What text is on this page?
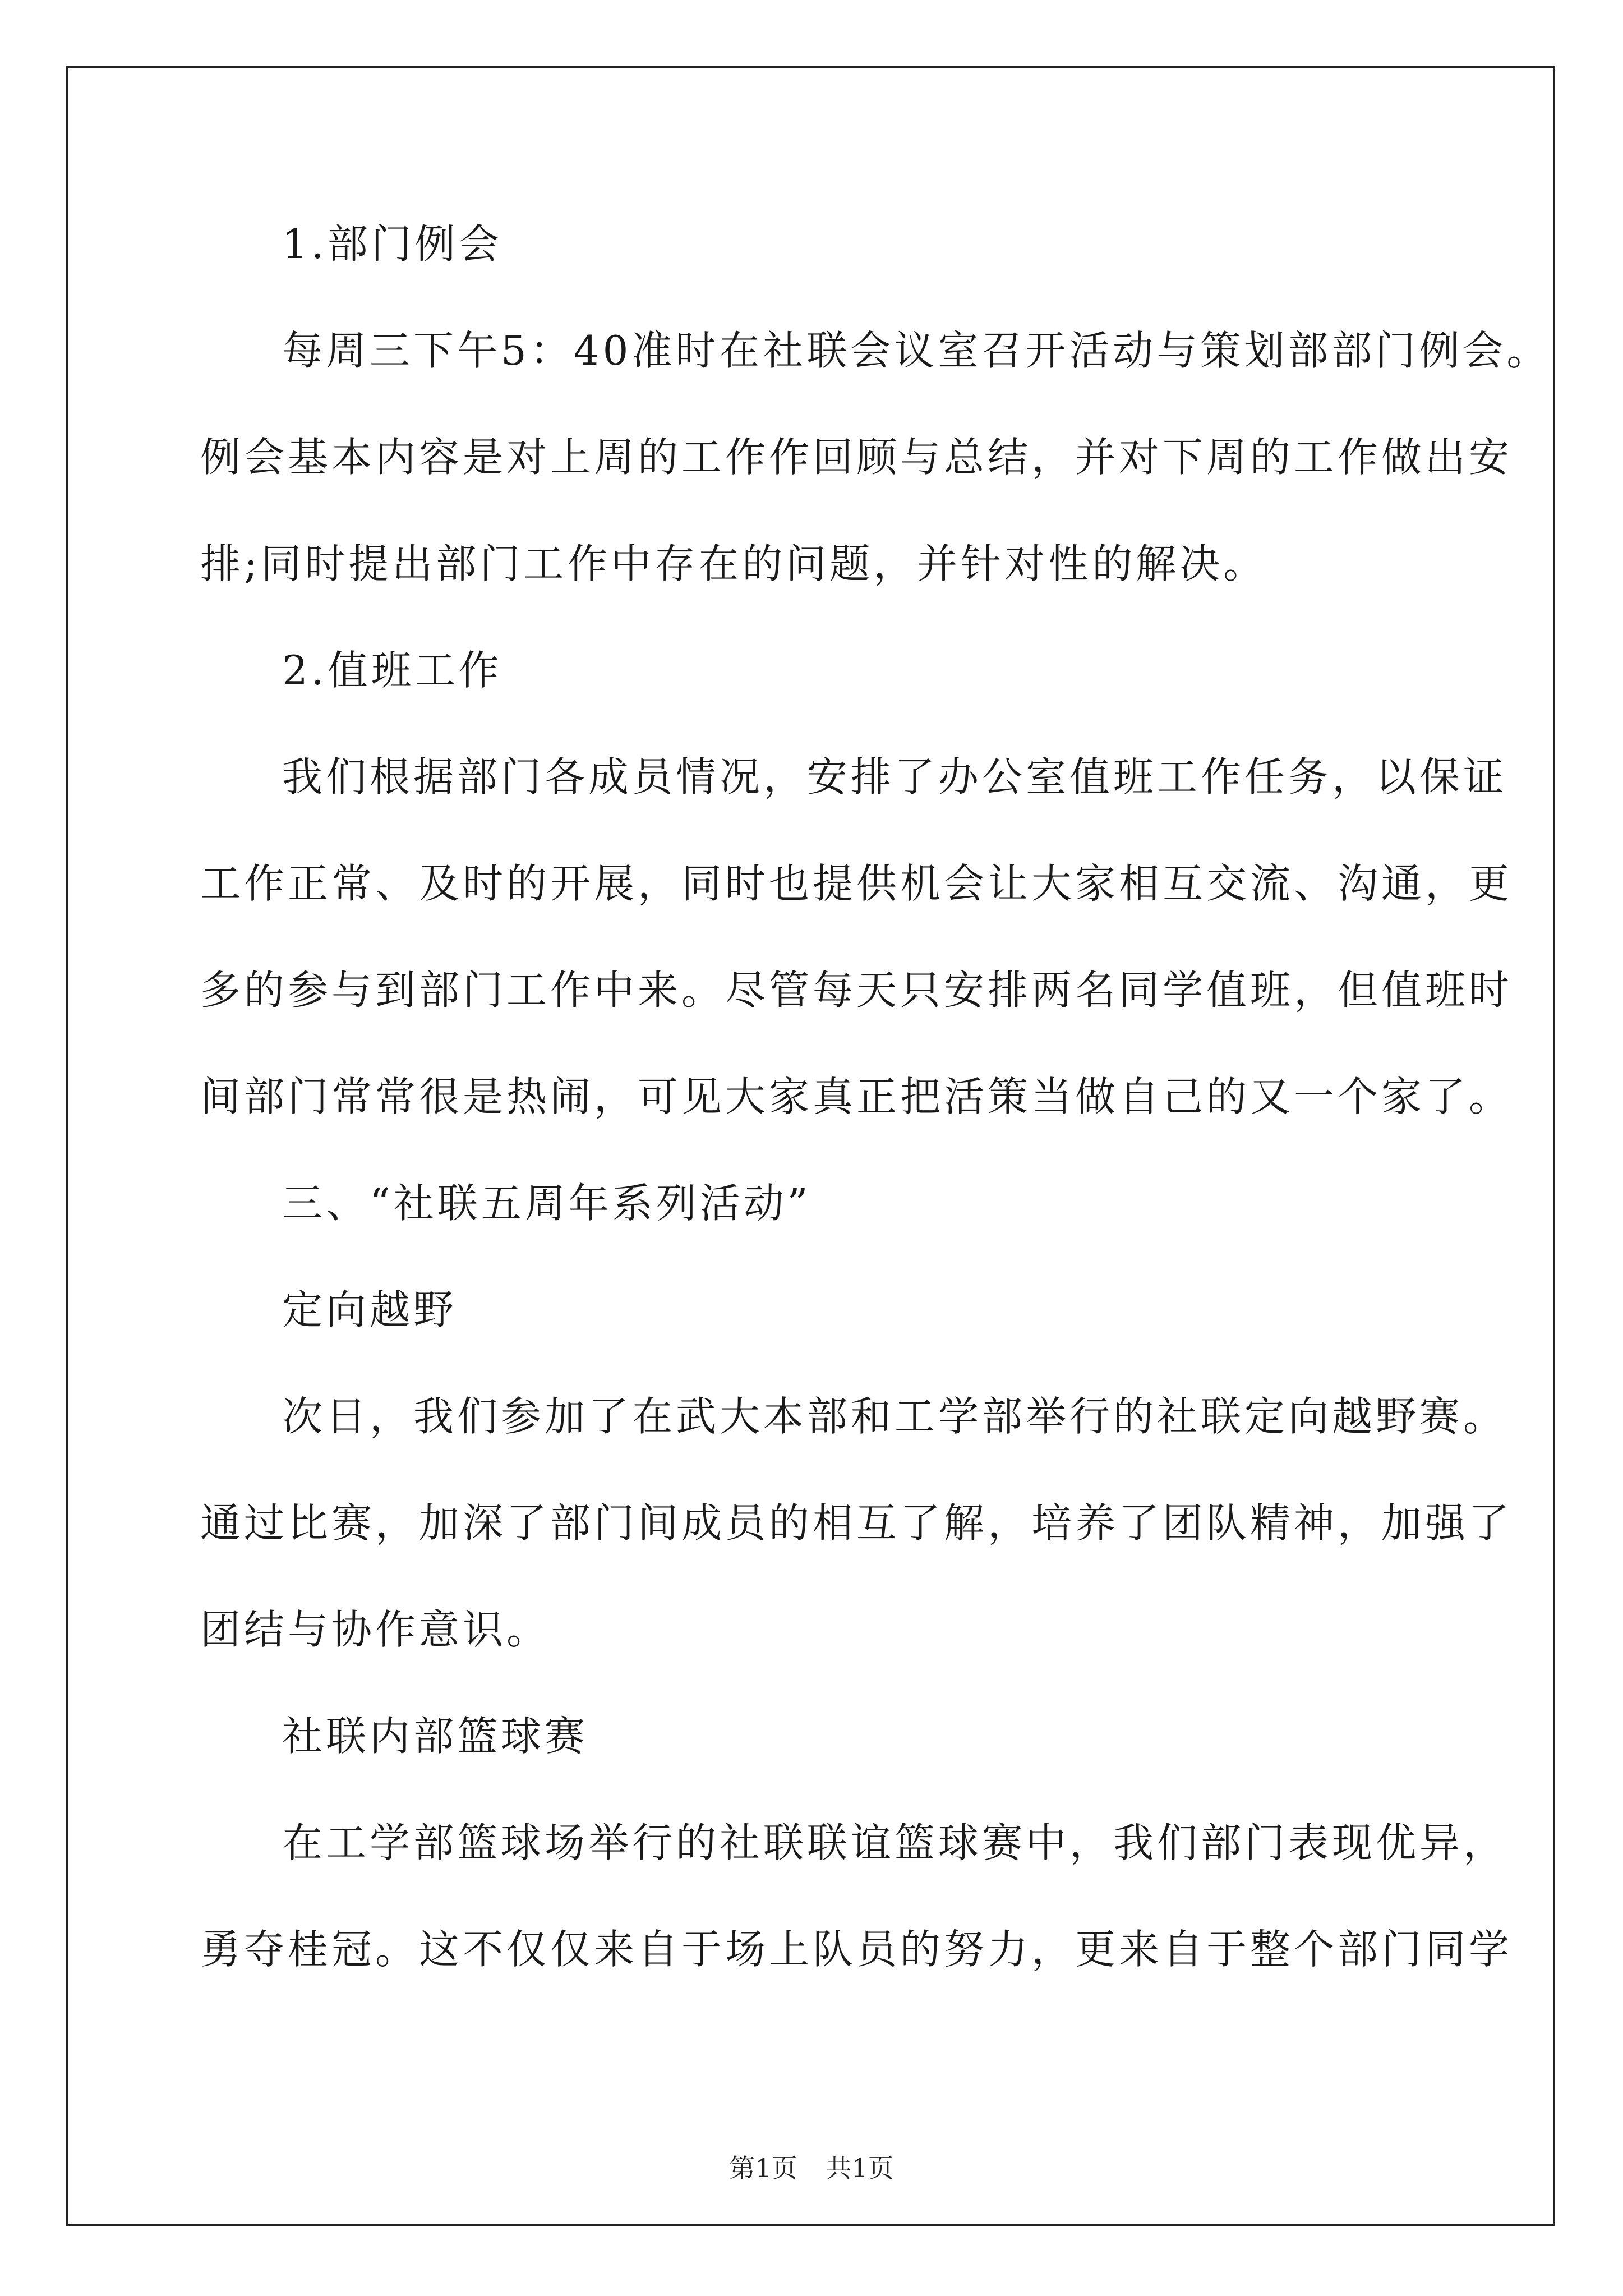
1.部门例会
每周三下午5：40准时在社联会议室召开活动与策划部部门例会。
例会基本内容是对上周的工作作回顾与总结，并对下周的工作做出安
排;同时提出部门工作中存在的问题，并针对性的解决。
2.值班工作
我们根据部门各成员情况，安排了办公室值班工作任务，以保证
工作正常、及时的开展，同时也提供机会让大家相互交流、沟通，更
多的参与到部门工作中来。尽管每天只安排两名同学值班，但值班时
间部门常常很是热闹，可见大家真正把活策当做自己的又一个家了。
三、“社联五周年系列活动”
定向越野
次日，我们参加了在武大本部和工学部举行的社联定向越野赛。
通过比赛，加深了部门间成员的相互了解，培养了团队精神，加强了
团结与协作意识。
社联内部篮球赛
在工学部篮球场举行的社联联谊篮球赛中，我们部门表现优异，
勇夺桂冠。这不仅仅来自于场上队员的努力，更来自于整个部门同学
第1页 共1页
